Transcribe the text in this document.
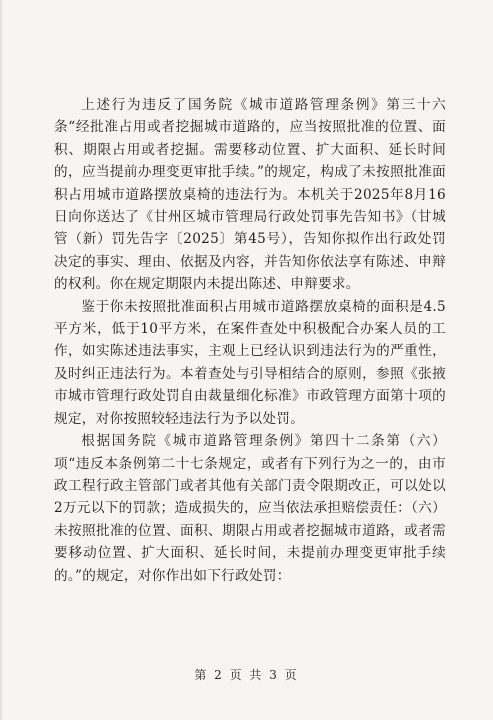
上述行为违反了国务院《城市道路管理条例》第三十六条“经批准占用或者挖掘城市道路的，应当按照批准的位置、面积、期限占用或者挖掘。需要移动位置、扩大面积、延长时间的，应当提前办理变更审批手续。”的规定，构成了未按照批准面积占用城市道路摆放桌椅的违法行为。本机关于2025年8月16日向你送达了《甘州区城市管理局行政处罚事先告知书》（甘城管（新）罚先告字〔2025〕第45号），告知你拟作出行政处罚决定的事实、理由、依据及内容，并告知你依法享有陈述、申辩的权利。你在规定期限内未提出陈述、申辩要求。

鉴于你未按照批准面积占用城市道路摆放桌椅的面积是4.5平方米，低于10平方米，在案件查处中积极配合办案人员的工作，如实陈述违法事实，主观上已经认识到违法行为的严重性，及时纠正违法行为。本着查处与引导相结合的原则，参照《张掖市城市管理行政处罚自由裁量细化标准》市政管理方面第十项的规定，对你按照较轻违法行为予以处罚。

根据国务院《城市道路管理条例》第四十二条第（六）项“违反本条例第二十七条规定，或者有下列行为之一的，由市政工程行政主管部门或者其他有关部门责令限期改正，可以处以2万元以下的罚款；造成损失的，应当依法承担赔偿责任：（六）未按照批准的位置、面积、期限占用或者挖掘城市道路，或者需要移动位置、扩大面积、延长时间，未提前办理变更审批手续的。”的规定，对你作出如下行政处罚：

第 2 页 共 3 页
